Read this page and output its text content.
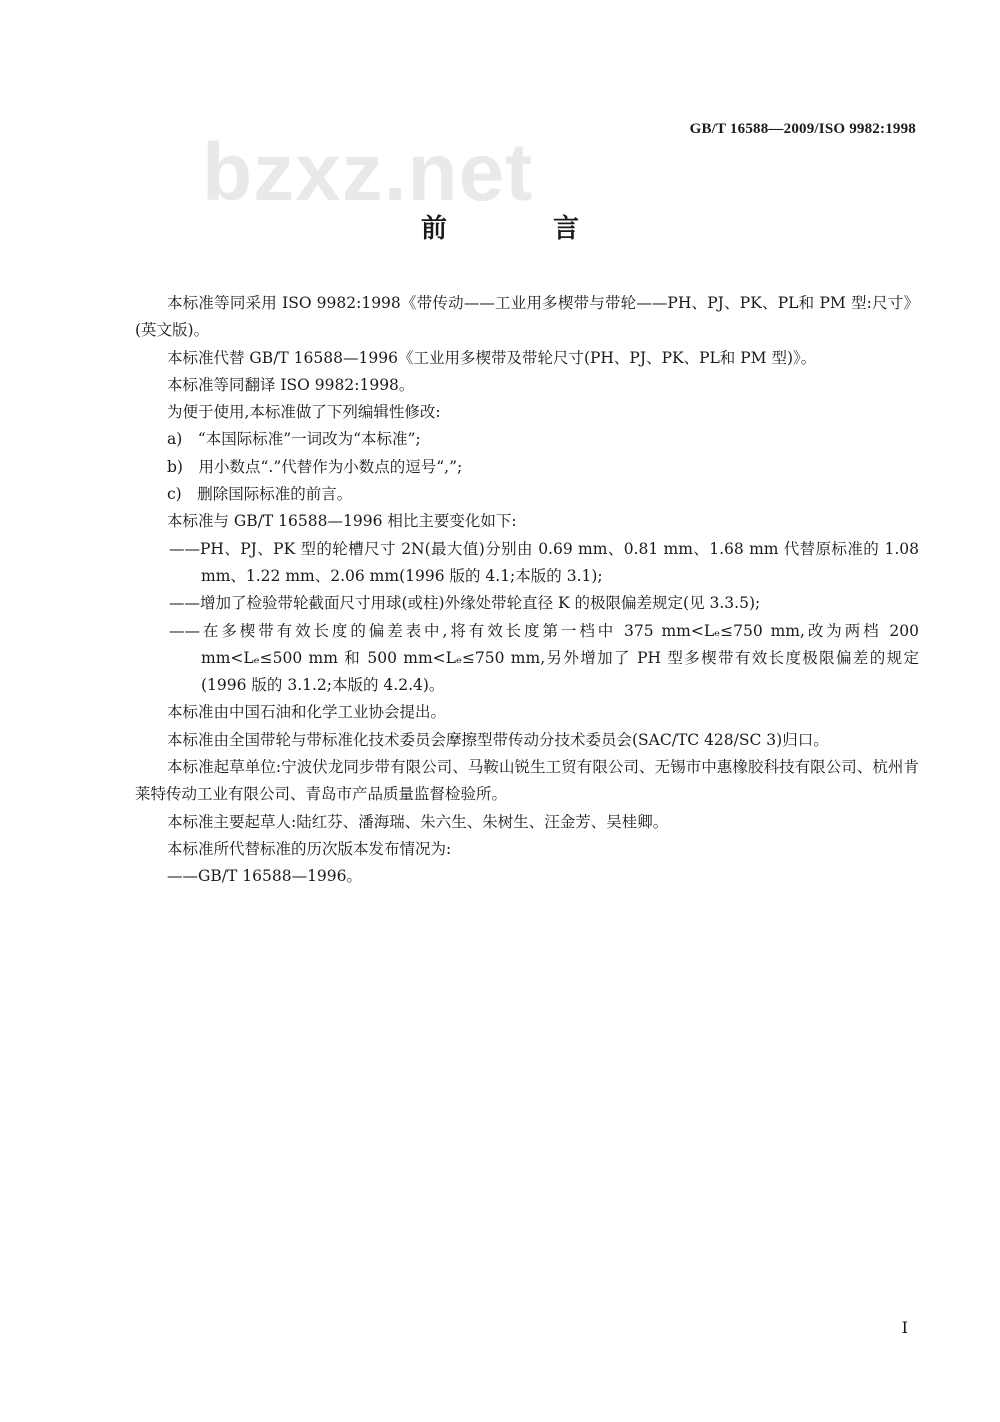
GB/T 16588—2009/ISO 9982:1998
bzxz.net
前　言

本标准等同采用 ISO 9982:1998《带传动——工业用多楔带与带轮——PH、PJ、PK、PL和 PM 型:尺寸》(英文版)。

本标准代替 GB/T 16588—1996《工业用多楔带及带轮尺寸(PH、PJ、PK、PL和 PM 型)》。

本标准等同翻译 ISO 9982:1998。

为便于使用,本标准做了下列编辑性修改:

a)　“本国际标准”一词改为“本标准”;

b)　用小数点“.”代替作为小数点的逗号“,”;

c)　删除国际标准的前言。

本标准与 GB/T 16588—1996 相比主要变化如下:

——PH、PJ、PK 型的轮槽尺寸 2N(最大值)分别由 0.69 mm、0.81 mm、1.68 mm 代替原标准的 1.08 mm、1.22 mm、2.06 mm(1996 版的 4.1;本版的 3.1);

——增加了检验带轮截面尺寸用球(或柱)外缘处带轮直径 K 的极限偏差规定(见 3.3.5);

——在多楔带有效长度的偏差表中,将有效长度第一档中 375 mm<Lₑ≤750 mm,改为两档 200 mm<Lₑ≤500 mm 和 500 mm<Lₑ≤750 mm,另外增加了 PH 型多楔带有效长度极限偏差的规定(1996 版的 3.1.2;本版的 4.2.4)。

本标准由中国石油和化学工业协会提出。

本标准由全国带轮与带标准化技术委员会摩擦型带传动分技术委员会(SAC/TC 428/SC 3)归口。

本标准起草单位:宁波伏龙同步带有限公司、马鞍山锐生工贸有限公司、无锡市中惠橡胶科技有限公司、杭州肯莱特传动工业有限公司、青岛市产品质量监督检验所。

本标准主要起草人:陆红芬、潘海瑞、朱六生、朱树生、汪金芳、吴桂卿。

本标准所代替标准的历次版本发布情况为:

——GB/T 16588—1996。

I
